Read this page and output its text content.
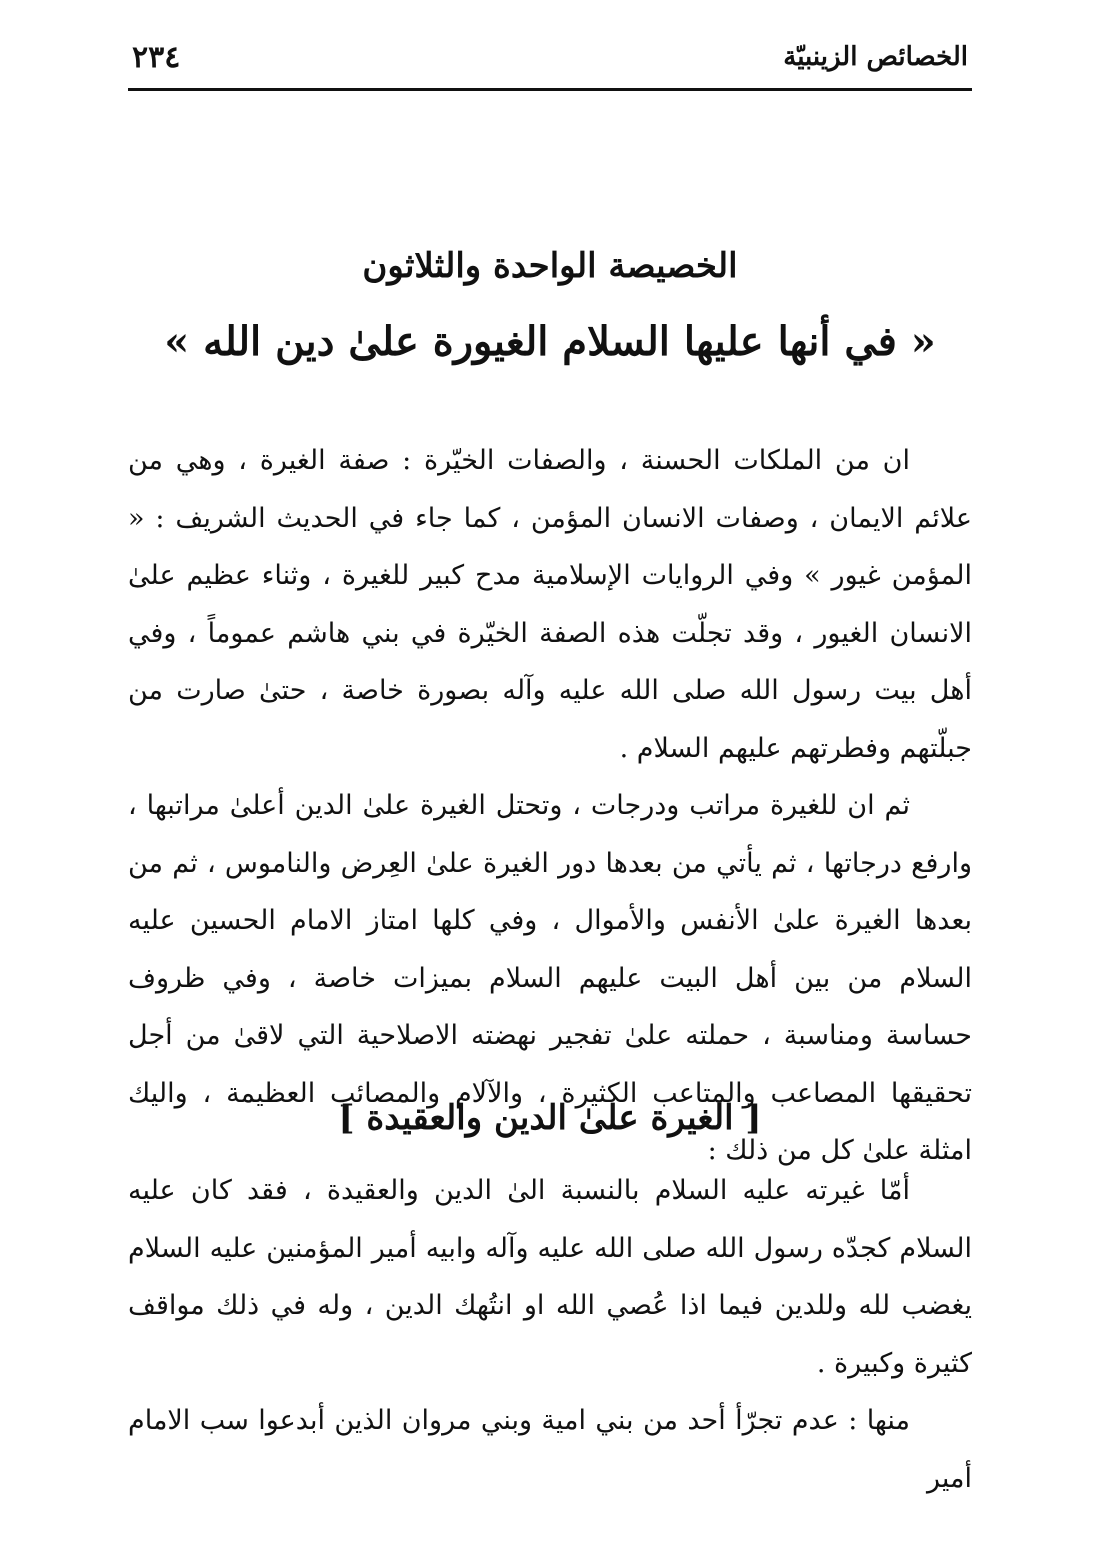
الخصائص الزينبيّة
٢٣٤
الخصيصة الواحدة والثلاثون
« في أنها عليها السلام الغيورة علىٰ دين الله »

ان من الملكات الحسنة ، والصفات الخيّرة : صفة الغيرة ، وهي من علائم الايمان ، وصفات الانسان المؤمن ، كما جاء في الحديث الشريف : « المؤمن غيور » وفي الروايات الإسلامية مدح كبير للغيرة ، وثناء عظيم علىٰ الانسان الغيور ، وقد تجلّت هذه الصفة الخيّرة في بني هاشم عموماً ، وفي أهل بيت رسول الله صلى الله عليه وآله بصورة خاصة ، حتىٰ صارت من جبلّتهم وفطرتهم عليهم السلام .

ثم ان للغيرة مراتب ودرجات ، وتحتل الغيرة علىٰ الدين أعلىٰ مراتبها ، وارفع درجاتها ، ثم يأتي من بعدها دور الغيرة علىٰ العِرض والناموس ، ثم من بعدها الغيرة علىٰ الأنفس والأموال ، وفي كلها امتاز الامام الحسين عليه السلام من بين أهل البيت عليهم السلام بميزات خاصة ، وفي ظروف حساسة ومناسبة ، حملته علىٰ تفجير نهضته الاصلاحية التي لاقىٰ من أجل تحقيقها المصاعب والمتاعب الكثيرة ، والآلام والمصائب العظيمة ، واليك امثلة علىٰ كل من ذلك :

[ الغيرة علىٰ الدين والعقيدة ]

أمّا غيرته عليه السلام بالنسبة الىٰ الدين والعقيدة ، فقد كان عليه السلام كجدّه رسول الله صلى الله عليه وآله وابيه أمير المؤمنين عليه السلام يغضب لله وللدين فيما اذا عُصي الله او انتُهك الدين ، وله في ذلك مواقف كثيرة وكبيرة .

منها : عدم تجرّأ أحد من بني امية وبني مروان الذين أبدعوا سب الامام أمير
